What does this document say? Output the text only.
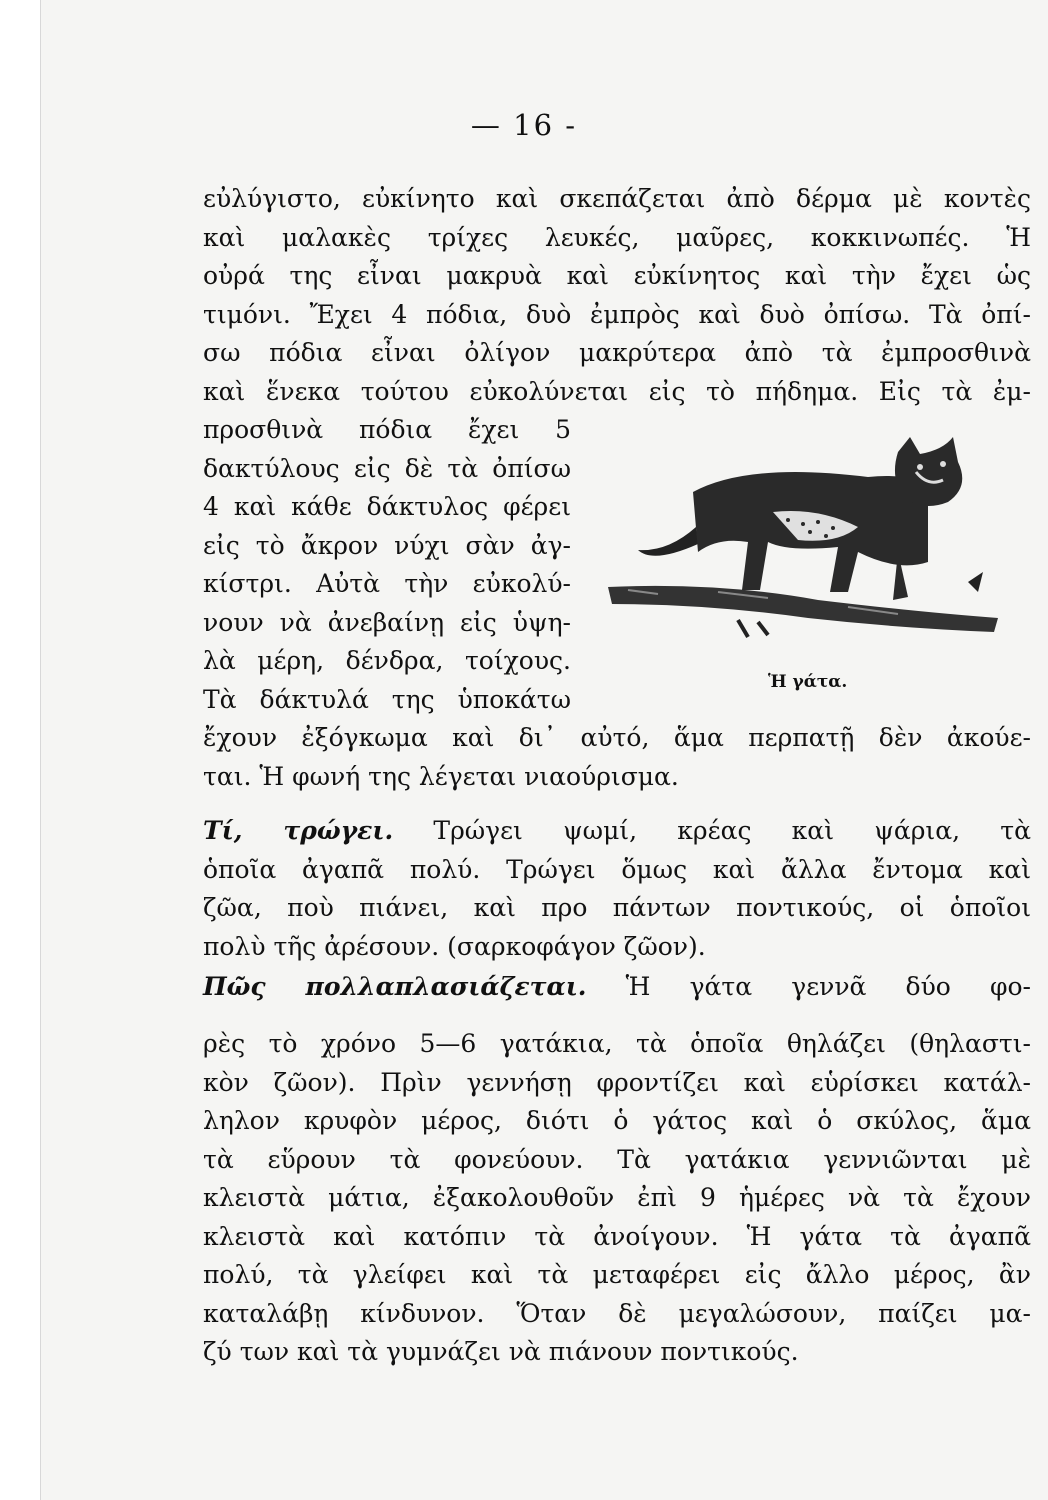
— 16 -

εὐλύγιστο, εὐκίνητο καὶ σκεπάζεται ἀπὸ δέρμα μὲ κοντὲς
καὶ μαλακὲς τρίχες λευκές, μαῦρες, κοκκινωπές. Ἡ
οὐρά της εἶναι μακρυὰ καὶ εὐκίνητος καὶ τὴν ἔχει ὡς
τιμόνι. Ἔχει 4 πόδια, δυὸ ἐμπρὸς καὶ δυὸ ὀπίσω. Τὰ ὀπί-
σω πόδια εἶναι ὀλίγον μακρύτερα ἀπὸ τὰ ἐμπροσθινὰ
καὶ ἕνεκα τούτου εὐκολύνεται εἰς τὸ πήδημα. Εἰς τὰ ἐμ-

προσθινὰ πόδια ἔχει 5
δακτύλους εἰς δὲ τὰ ὀπίσω
4 καὶ κάθε δάκτυλος φέρει
εἰς τὸ ἄκρον νύχι σὰν ἀγ-
κίστρι. Αὐτὰ τὴν εὐκολύ-
νουν νὰ ἀνεβαίνῃ εἰς ὑψη-
λὰ μέρη, δένδρα, τοίχους.
Τὰ δάκτυλά της ὑποκάτω

Ἡ γάτα.

ἔχουν ἐξόγκωμα καὶ δι᾽ αὐτό, ἅμα περπατῇ δὲν ἀκούε-
ται. Ἡ φωνή της λέγεται νιαούρισμα.

Τί, τρώγει. Τρώγει ψωμί, κρέας καὶ ψάρια, τὰ
ὁποῖα ἀγαπᾶ πολύ. Τρώγει ὅμως καὶ ἄλλα ἔντομα καὶ
ζῶα, ποὺ πιάνει, καὶ προ πάντων ποντικούς, οἱ ὁποῖοι
πολὺ τῆς ἀρέσουν. (σαρκοφάγον ζῶον).

Πῶς πολλαπλασιάζεται. Ἡ γάτα γεννᾶ δύο φο-

ρὲς τὸ χρόνο 5—6 γατάκια, τὰ ὁποῖα θηλάζει (θηλαστι-
κὸν ζῶον). Πρὶν γεννήσῃ φροντίζει καὶ εὑρίσκει κατάλ-
ληλον κρυφὸν μέρος, διότι ὁ γάτος καὶ ὁ σκύλος, ἅμα
τὰ εὕρουν τὰ φονεύουν. Τὰ γατάκια γεννιῶνται μὲ
κλειστὰ μάτια, ἐξακολουθοῦν ἐπὶ 9 ἡμέρες νὰ τὰ ἔχουν
κλειστὰ καὶ κατόπιν τὰ ἀνοίγουν. Ἡ γάτα τὰ ἀγαπᾶ
πολύ, τὰ γλείφει καὶ τὰ μεταφέρει εἰς ἄλλο μέρος, ἂν
καταλάβῃ κίνδυνον. Ὅταν δὲ μεγαλώσουν, παίζει μα-
ζύ των καὶ τὰ γυμνάζει νὰ πιάνουν ποντικούς.
